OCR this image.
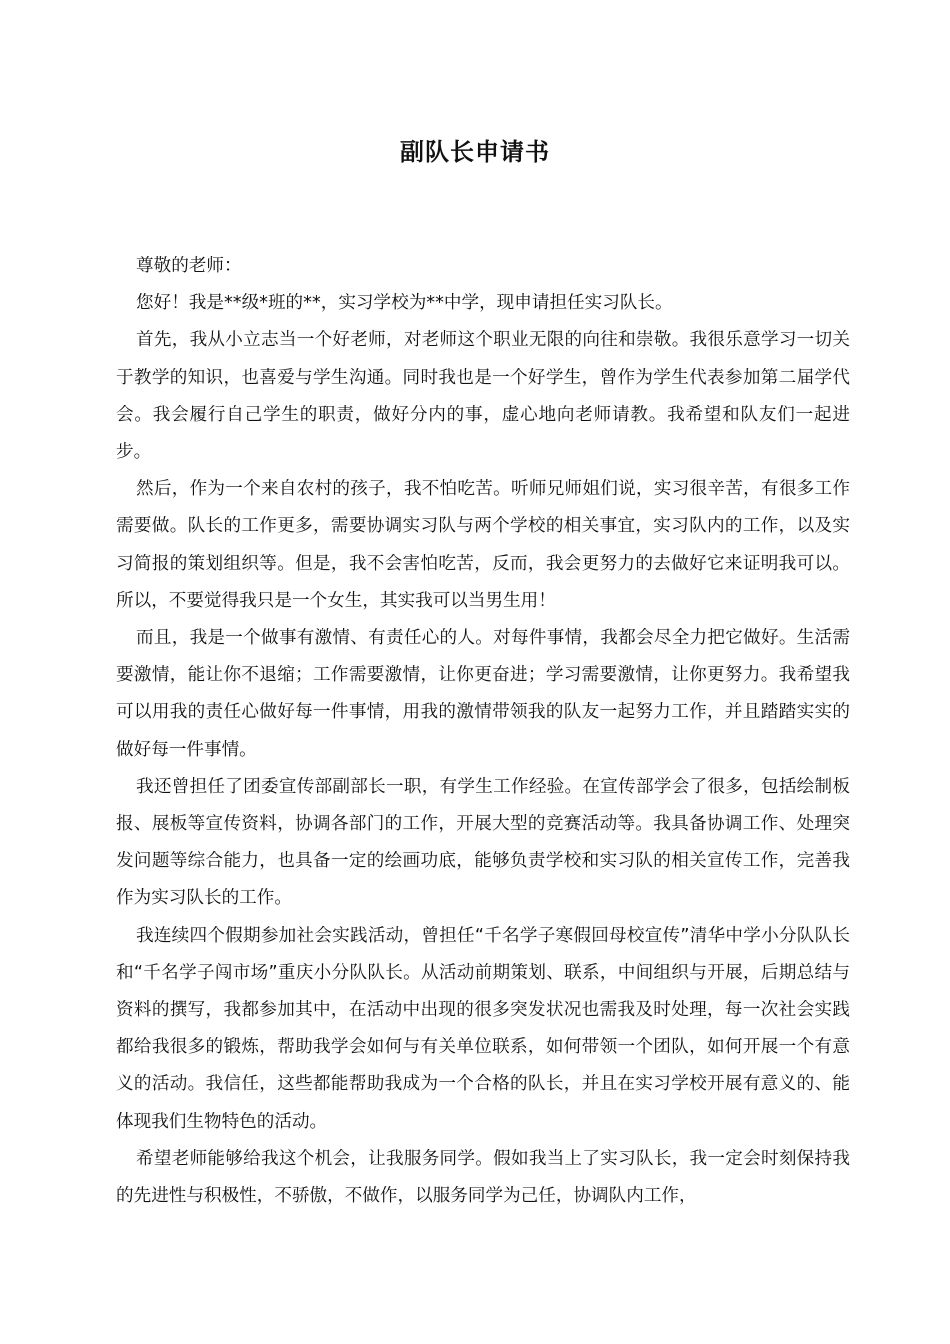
副队长申请书

尊敬的老师：

您好！我是**级*班的**，实习学校为**中学，现申请担任实习队长。

首先，我从小立志当一个好老师，对老师这个职业无限的向往和崇敬。我很乐意学习一切关于教学的知识，也喜爱与学生沟通。同时我也是一个好学生，曾作为学生代表参加第二届学代会。我会履行自己学生的职责，做好分内的事，虚心地向老师请教。我希望和队友们一起进步。

然后，作为一个来自农村的孩子，我不怕吃苦。听师兄师姐们说，实习很辛苦，有很多工作需要做。队长的工作更多，需要协调实习队与两个学校的相关事宜，实习队内的工作，以及实习简报的策划组织等。但是，我不会害怕吃苦，反而，我会更努力的去做好它来证明我可以。所以，不要觉得我只是一个女生，其实我可以当男生用！

而且，我是一个做事有激情、有责任心的人。对每件事情，我都会尽全力把它做好。生活需要激情，能让你不退缩；工作需要激情，让你更奋进；学习需要激情，让你更努力。我希望我可以用我的责任心做好每一件事情，用我的激情带领我的队友一起努力工作，并且踏踏实实的做好每一件事情。

我还曾担任了团委宣传部副部长一职，有学生工作经验。在宣传部学会了很多，包括绘制板报、展板等宣传资料，协调各部门的工作，开展大型的竞赛活动等。我具备协调工作、处理突发问题等综合能力，也具备一定的绘画功底，能够负责学校和实习队的相关宣传工作，完善我作为实习队长的工作。

我连续四个假期参加社会实践活动，曾担任“千名学子寒假回母校宣传”清华中学小分队队长和“千名学子闯市场”重庆小分队队长。从活动前期策划、联系，中间组织与开展，后期总结与资料的撰写，我都参加其中，在活动中出现的很多突发状况也需我及时处理，每一次社会实践都给我很多的锻炼，帮助我学会如何与有关单位联系，如何带领一个团队，如何开展一个有意义的活动。我信任，这些都能帮助我成为一个合格的队长，并且在实习学校开展有意义的、能体现我们生物特色的活动。

希望老师能够给我这个机会，让我服务同学。假如我当上了实习队长，我一定会时刻保持我的先进性与积极性，不骄傲，不做作，以服务同学为己任，协调队内工作，
